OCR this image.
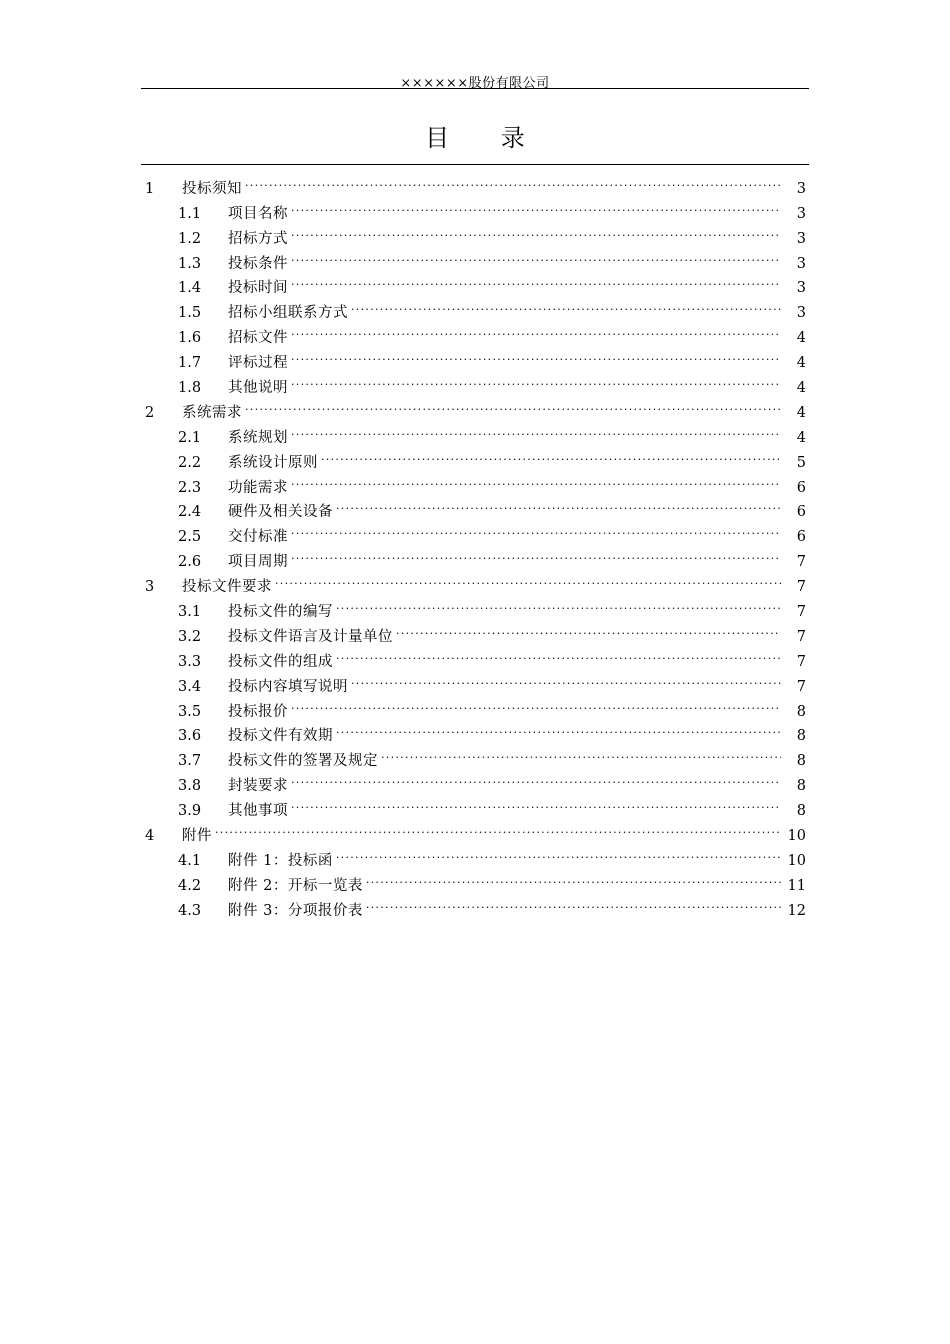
××××××股份有限公司
目 录
1	投标须知 .....	3
1.1	项目名称 .....	3
1.2	招标方式 .....	3
1.3	投标条件 .....	3
1.4	投标时间 .....	3
1.5	招标小组联系方式 .....	3
1.6	招标文件 .....	4
1.7	评标过程 .....	4
1.8	其他说明 .....	4
2	系统需求 .....	4
2.1	系统规划 .....	4
2.2	系统设计原则 .....	5
2.3	功能需求 .....	6
2.4	硬件及相关设备 .....	6
2.5	交付标准 .....	6
2.6	项目周期 .....	7
3	投标文件要求 .....	7
3.1	投标文件的编写 .....	7
3.2	投标文件语言及计量单位 .....	7
3.3	投标文件的组成 .....	7
3.4	投标内容填写说明 .....	7
3.5	投标报价 .....	8
3.6	投标文件有效期 .....	8
3.7	投标文件的签署及规定 .....	8
3.8	封装要求 .....	8
3.9	其他事项 .....	8
4	附件 .....	10
4.1	附件 1：投标函 .....	10
4.2	附件 2：开标一览表 .....	11
4.3	附件 3：分项报价表 .....	12
